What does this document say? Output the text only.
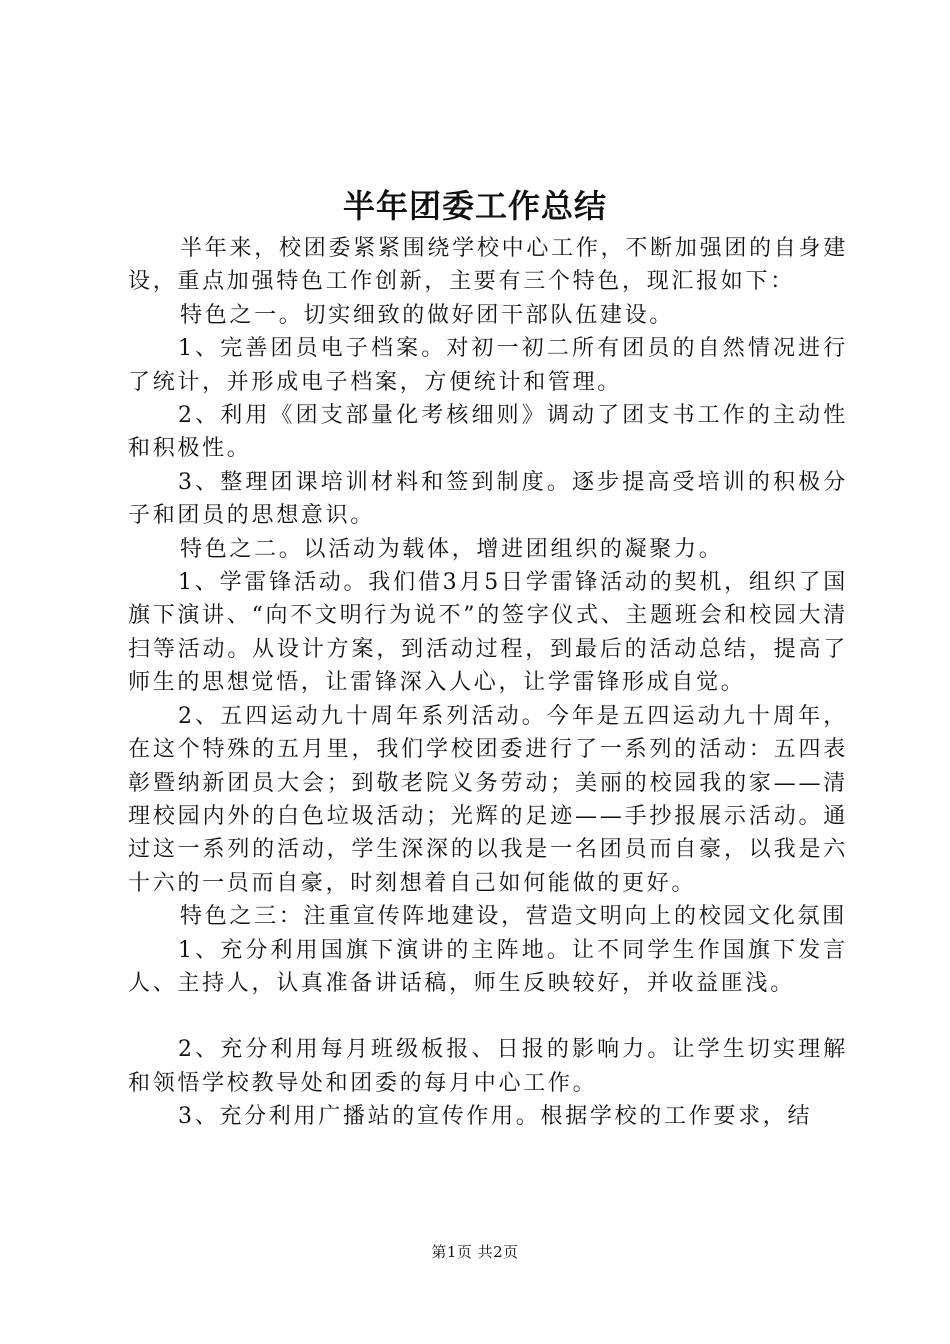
半年团委工作总结

半年来，校团委紧紧围绕学校中心工作，不断加强团的自身建设，重点加强特色工作创新，主要有三个特色，现汇报如下：

特色之一。切实细致的做好团干部队伍建设。

1、完善团员电子档案。对初一初二所有团员的自然情况进行了统计，并形成电子档案，方便统计和管理。

2、利用《团支部量化考核细则》调动了团支书工作的主动性和积极性。

3、整理团课培训材料和签到制度。逐步提高受培训的积极分子和团员的思想意识。

特色之二。以活动为载体，增进团组织的凝聚力。

1、学雷锋活动。我们借3月5日学雷锋活动的契机，组织了国旗下演讲、“向不文明行为说不”的签字仪式、主题班会和校园大清扫等活动。从设计方案，到活动过程，到最后的活动总结，提高了师生的思想觉悟，让雷锋深入人心，让学雷锋形成自觉。

2、五四运动九十周年系列活动。今年是五四运动九十周年，在这个特殊的五月里，我们学校团委进行了一系列的活动：五四表彰暨纳新团员大会；到敬老院义务劳动；美丽的校园我的家——清理校园内外的白色垃圾活动；光辉的足迹——手抄报展示活动。通过这一系列的活动，学生深深的以我是一名团员而自豪，以我是六十六的一员而自豪，时刻想着自己如何能做的更好。

特色之三：注重宣传阵地建设，营造文明向上的校园文化氛围

1、充分利用国旗下演讲的主阵地。让不同学生作国旗下发言人、主持人，认真准备讲话稿，师生反映较好，并收益匪浅。

2、充分利用每月班级板报、日报的影响力。让学生切实理解和领悟学校教导处和团委的每月中心工作。

3、充分利用广播站的宣传作用。根据学校的工作要求，结

第1页 共2页
